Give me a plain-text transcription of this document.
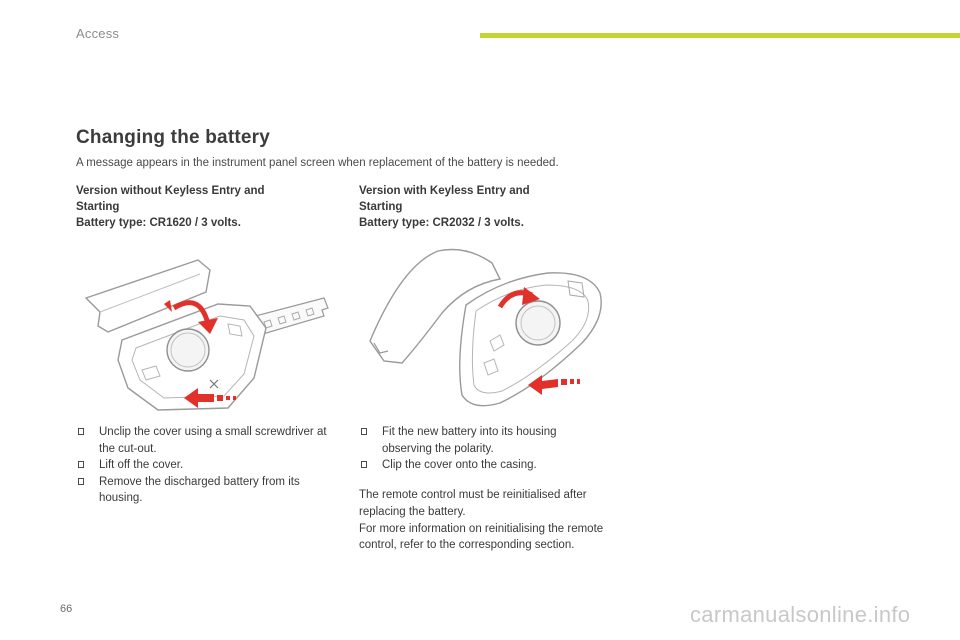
Access
Changing the battery
A message appears in the instrument panel screen when replacement of the battery is needed.
Version without Keyless Entry and
Starting
Battery type: CR1620 / 3 volts.
Version with Keyless Entry and
Starting
Battery type: CR2032 / 3 volts.
Unclip the cover using a small screwdriver at the cut-out.
Lift off the cover.
Remove the discharged battery from its housing.
Fit the new battery into its housing observing the polarity.
Clip the cover onto the casing.
The remote control must be reinitialised after replacing the battery.
For more information on reinitialising the remote control, refer to the corresponding section.
66	carmanualsonline.info
